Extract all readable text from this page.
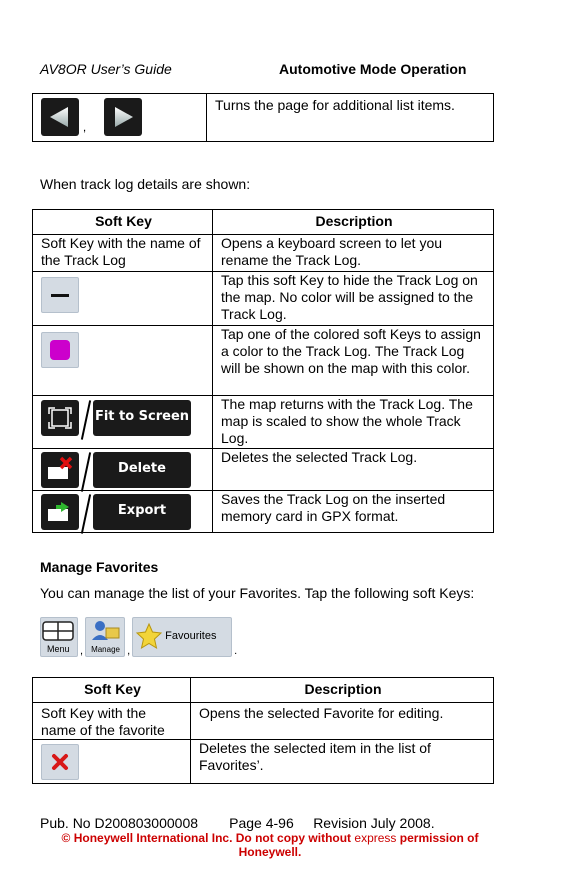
AV8OR User’s Guide	Automotive Mode Operation
,	Turns the page for additional list items.
When track log details are shown:
Soft Key	Description
Soft Key with the name of the Track Log	Opens a keyboard screen to let you rename the Track Log.

	Tap this soft Key to hide the Track Log on the map. No color will be assigned to the Track Log.

	Tap one of the colored soft Keys to assign a color to the Track Log. The Track Log will be shown on the map with this color.
Fit to Screen	The map returns with the Track Log. The map is scaled to show the whole Track Log.
Delete	Deletes the selected Track Log.
Export	Saves the Track Log on the inserted memory card in GPX format.
Manage Favorites
You can manage the list of your Favorites. Tap the following soft Keys:
Menu , Manage ,
Favourites
.
Soft Key	Description
Soft Key with the name of the favorite	Opens the selected Favorite for editing.
	Deletes the selected item in the list of Favorites’.
Pub. No D200803000008        Page 4-96     Revision July 2008.
© Honeywell International Inc. Do not copy without express permission of Honeywell.
